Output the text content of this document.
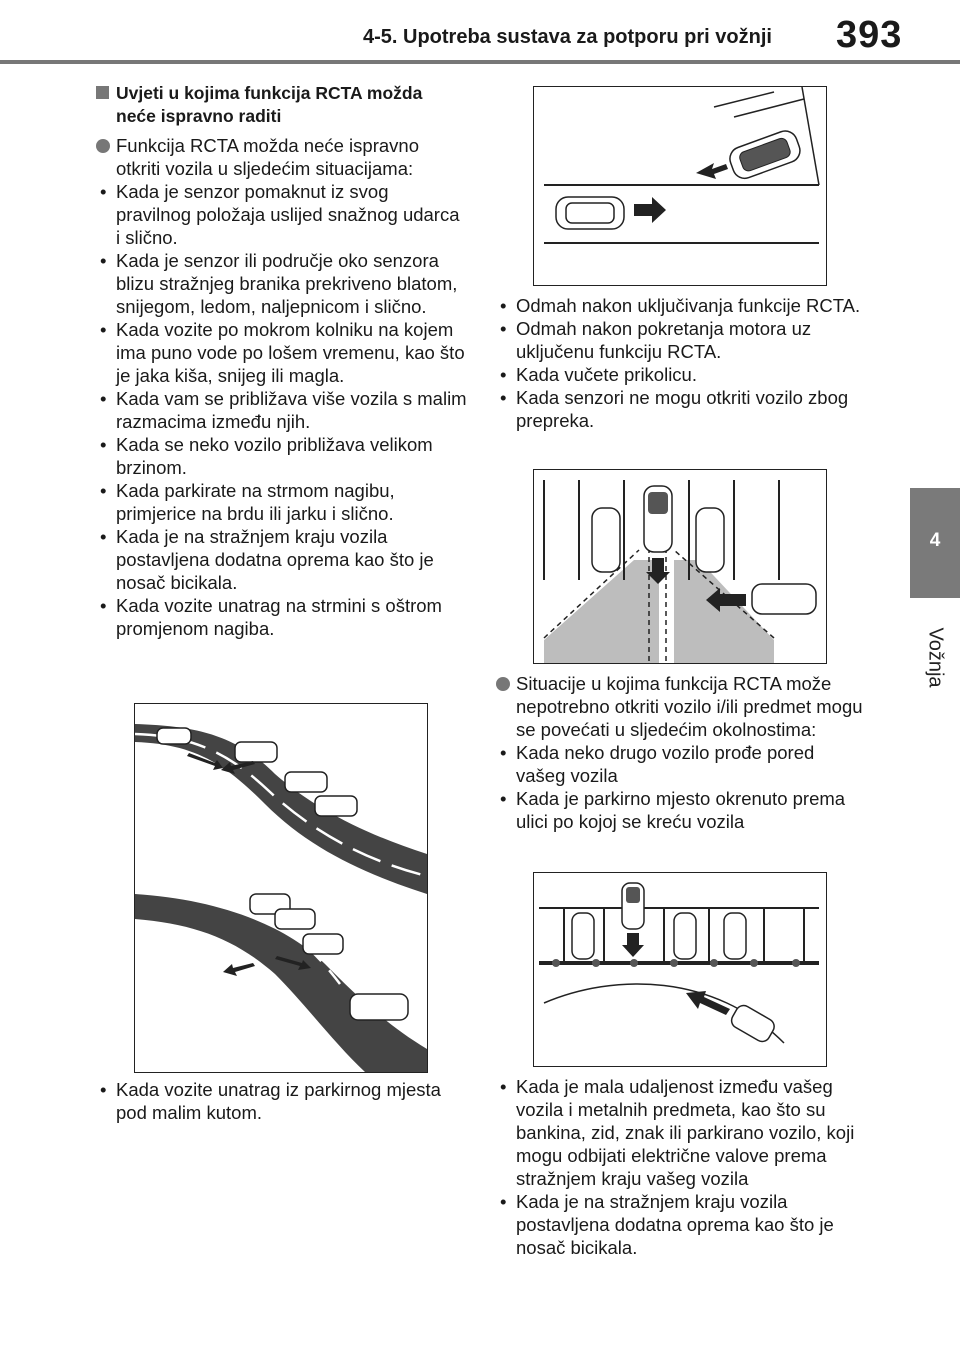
4-5. Upotreba sustava za potporu pri vožnji 393
4
Vožnja
Uvjeti u kojima funkcija RCTA možda neće ispravno raditi
Funkcija RCTA možda neće ispravno otkriti vozila u sljedećim situacijama:
• Kada je senzor pomaknut iz svog pravilnog položaja uslijed snažnog udarca i slično.
• Kada je senzor ili područje oko senzora blizu stražnjeg branika prekriveno blatom, snijegom, ledom, naljepnicom i slično.
• Kada vozite po mokrom kolniku na kojem ima puno vode po lošem vremenu, kao što je jaka kiša, snijeg ili magla.
• Kada vam se približava više vozila s malim razmacima između njih.
• Kada se neko vozilo približava velikom brzinom.
• Kada parkirate na strmom nagibu, primjerice na brdu ili jarku i slično.
• Kada je na stražnjem kraju vozila postavljena dodatna oprema kao što je nosač bicikala.
• Kada vozite unatrag na strmini s oštrom promjenom nagiba.
• Kada vozite unatrag iz parkirnog mjesta pod malim kutom.
• Odmah nakon uključivanja funkcije RCTA.
• Odmah nakon pokretanja motora uz uključenu funkciju RCTA.
• Kada vučete prikolicu.
• Kada senzori ne mogu otkriti vozilo zbog prepreka.
Situacije u kojima funkcija RCTA može nepotrebno otkriti vozilo i/ili predmet mogu se povećati u sljedećim okolnostima:
• Kada neko drugo vozilo prođe pored vašeg vozila
• Kada je parkirno mjesto okrenuto prema ulici po kojoj se kreću vozila
• Kada je mala udaljenost između vašeg vozila i metalnih predmeta, kao što su bankina, zid, znak ili parkirano vozilo, koji mogu odbijati električne valove prema stražnjem kraju vašeg vozila
• Kada je na stražnjem kraju vozila postavljena dodatna oprema kao što je nosač bicikala.
